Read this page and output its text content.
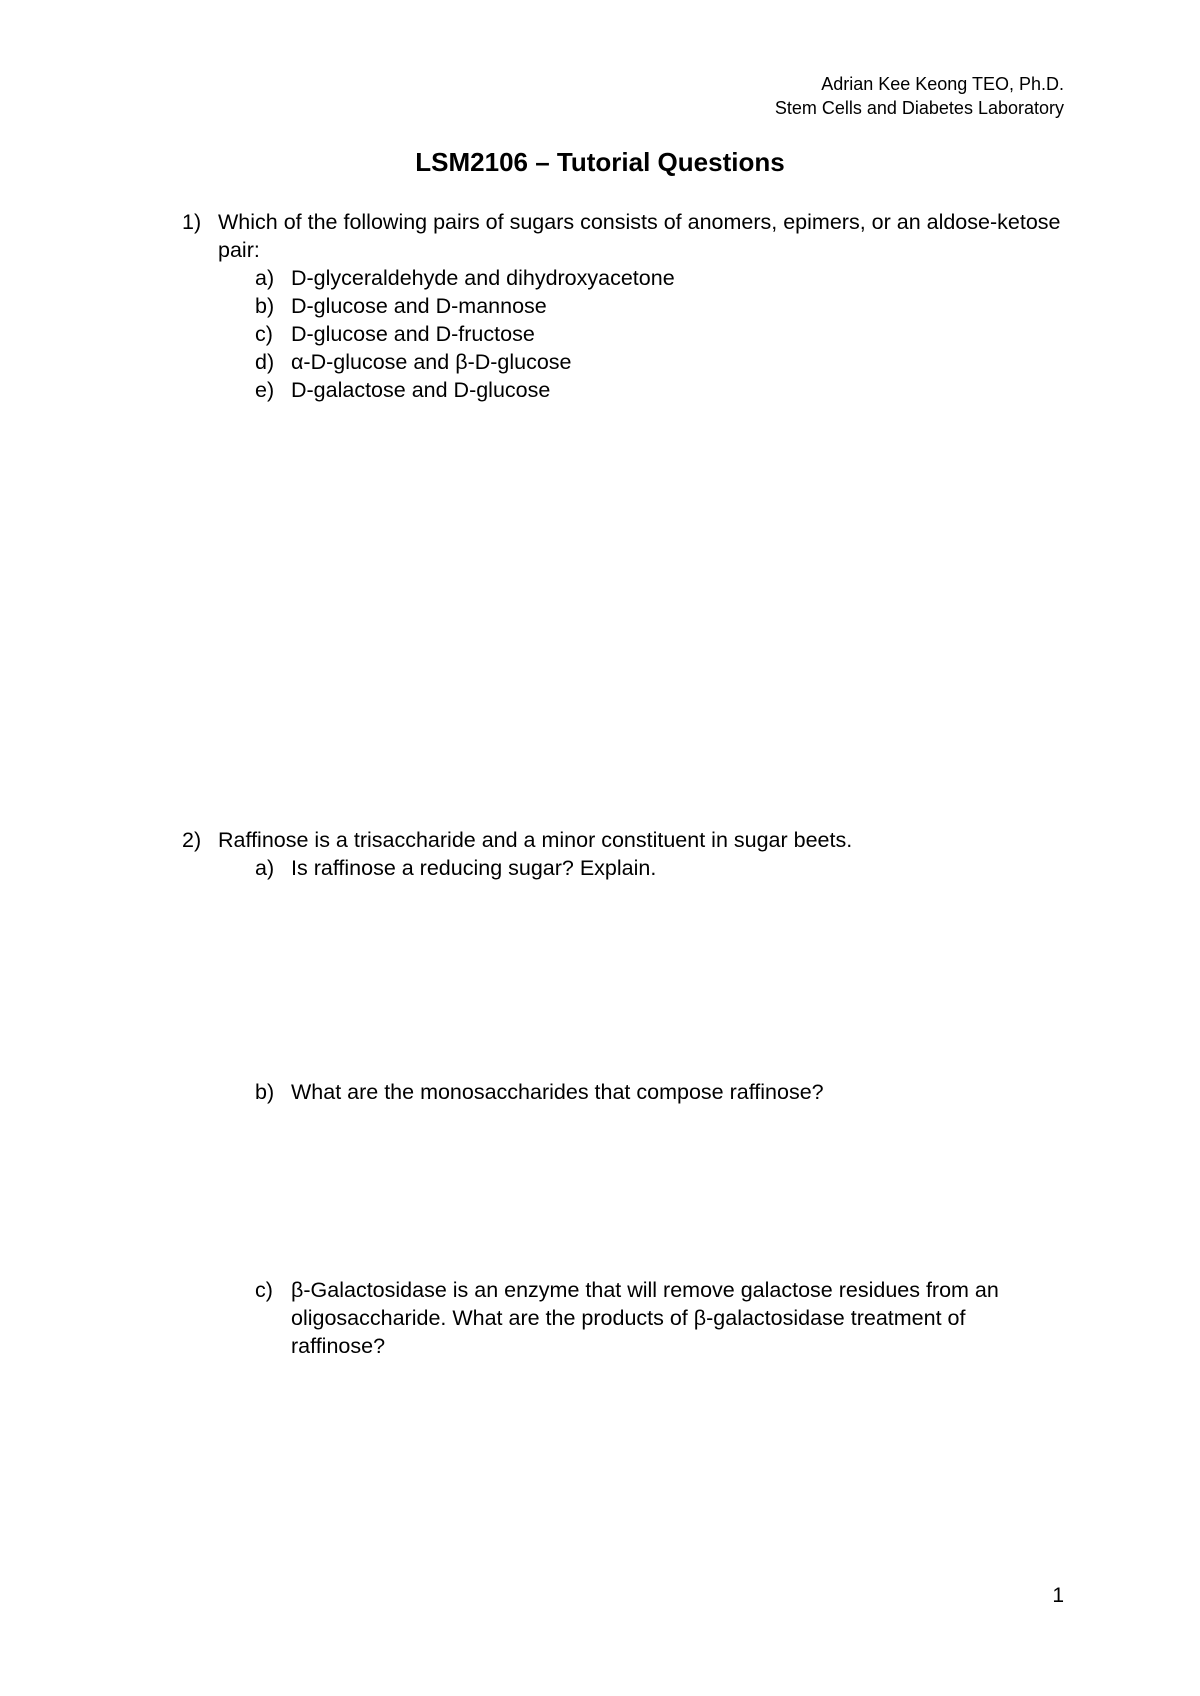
Adrian Kee Keong TEO, Ph.D.
Stem Cells and Diabetes Laboratory
LSM2106 – Tutorial Questions
1) Which of the following pairs of sugars consists of anomers, epimers, or an aldose-ketose pair:
a) D-glyceraldehyde and dihydroxyacetone
b) D-glucose and D-mannose
c) D-glucose and D-fructose
d) α-D-glucose and β-D-glucose
e) D-galactose and D-glucose
2) Raffinose is a trisaccharide and a minor constituent in sugar beets.
a) Is raffinose a reducing sugar? Explain.
b) What are the monosaccharides that compose raffinose?
c) β-Galactosidase is an enzyme that will remove galactose residues from an oligosaccharide. What are the products of β-galactosidase treatment of raffinose?
1
